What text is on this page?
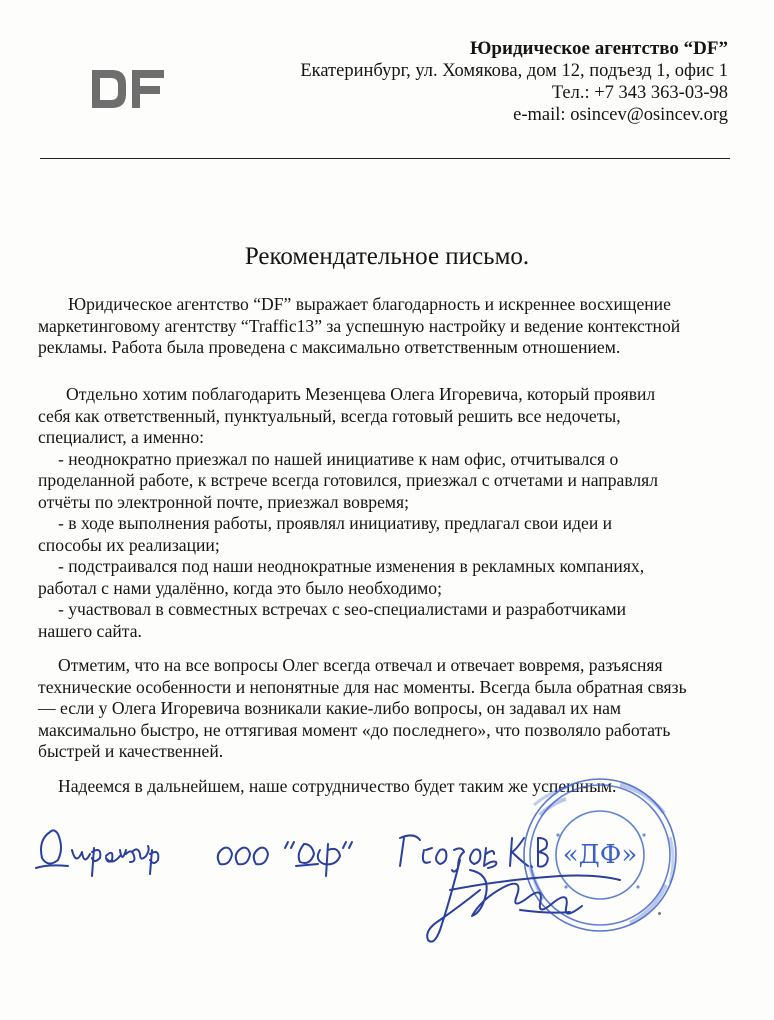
Юридическое агентство “DF”
Екатеринбург, ул. Хомякова, дом 12, подъезд 1, офис 1
Тел.: +7 343 363-03-98
e-mail: osincev@osincev.org
Рекомендательное письмо.
Юридическое агентство “DF” выражает благодарность и искреннее восхищение
маркетинговому агентству “Traffic13” за успешную настройку и ведение контекстной
рекламы. Работа была проведена с максимально ответственным отношением.
Отдельно хотим поблагодарить Мезенцева Олега Игоревича, который проявил
себя как ответственный, пунктуальный, всегда готовый решить все недочеты,
специалист, а именно:
- неоднократно приезжал по нашей инициативе к нам офис, отчитывался о
проделанной работе, к встрече всегда готовился, приезжал с отчетами и направлял
отчёты по электронной почте, приезжал вовремя;
- в ходе выполнения работы, проявлял инициативу, предлагал свои идеи и
способы их реализации;
- подстраивался под наши неоднократные изменения в рекламных компаниях,
работал с нами удалённо, когда это было необходимо;
- участвовал в совместных встречах с seo-специалистами и разработчиками
нашего сайта.
Отметим, что на все вопросы Олег всегда отвечал и отвечает вовремя, разъясняя
технические особенности и непонятные для нас моменты. Всегда была обратная связь
— если у Олега Игоревича возникали какие-либо вопросы, он задавал их нам
максимально быстро, не оттягивая момент «до последнего», что позволяло работать
быстрей и качественней.
Надеемся в дальнейшем, наше сотрудничество будет таким же успешным.
«ДФ»
